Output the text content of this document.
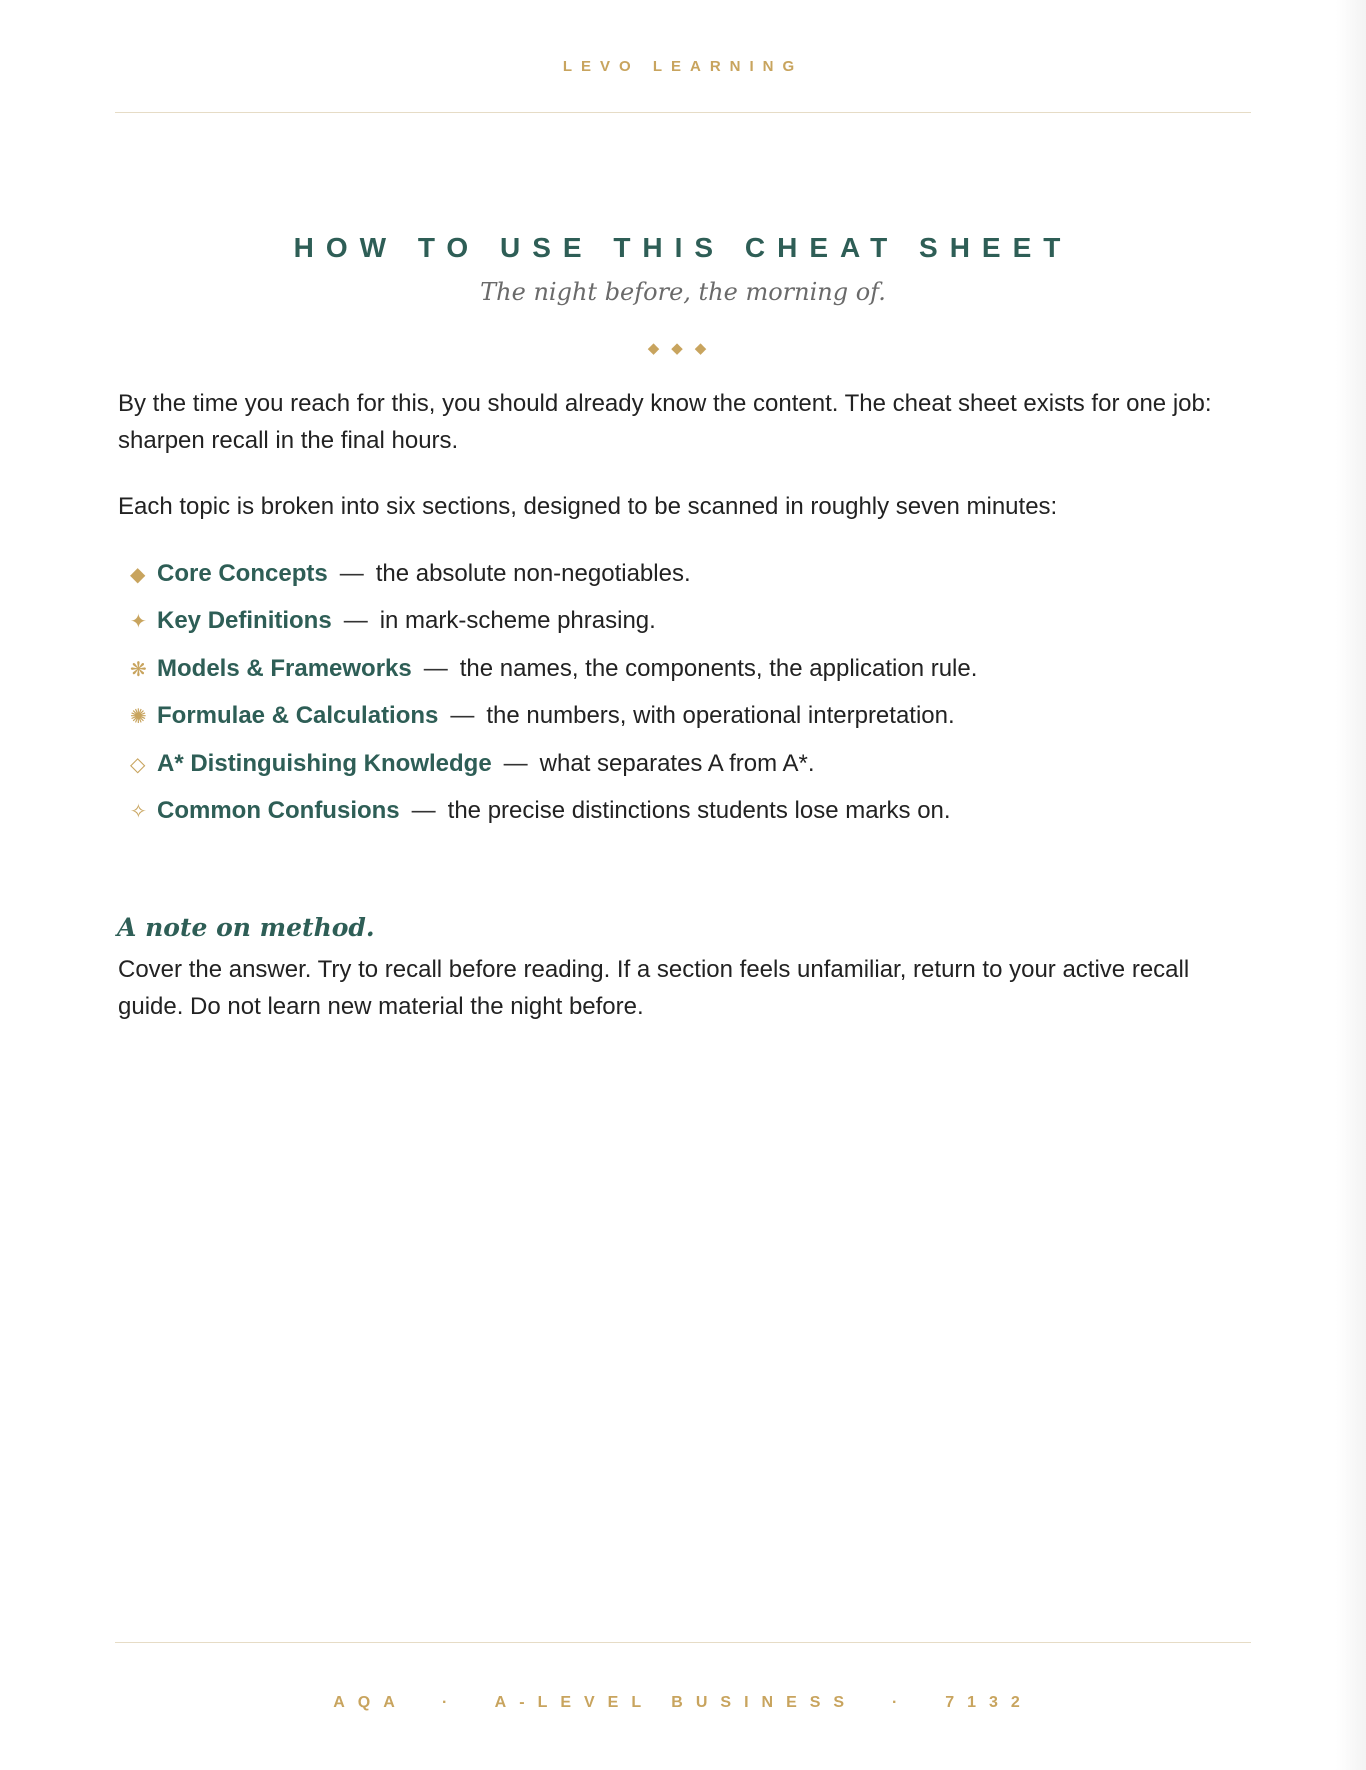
LEVO LEARNING
HOW TO USE THIS CHEAT SHEET
The night before, the morning of.
◆◆◆

By the time you reach for this, you should already know the content. The cheat sheet exists for one job: sharpen recall in the final hours.

Each topic is broken into six sections, designed to be scanned in roughly seven minutes:

◆ Core Concepts — the absolute non-negotiables.
✦ Key Definitions — in mark-scheme phrasing.
❋ Models & Frameworks — the names, the components, the application rule.
✺ Formulae & Calculations — the numbers, with operational interpretation.
◇ A* Distinguishing Knowledge — what separates A from A*.
✧ Common Confusions — the precise distinctions students lose marks on.
A note on method.

Cover the answer. Try to recall before reading. If a section feels unfamiliar, return to your active recall guide. Do not learn new material the night before.

AQA  ·  A-LEVEL BUSINESS  ·  7132
